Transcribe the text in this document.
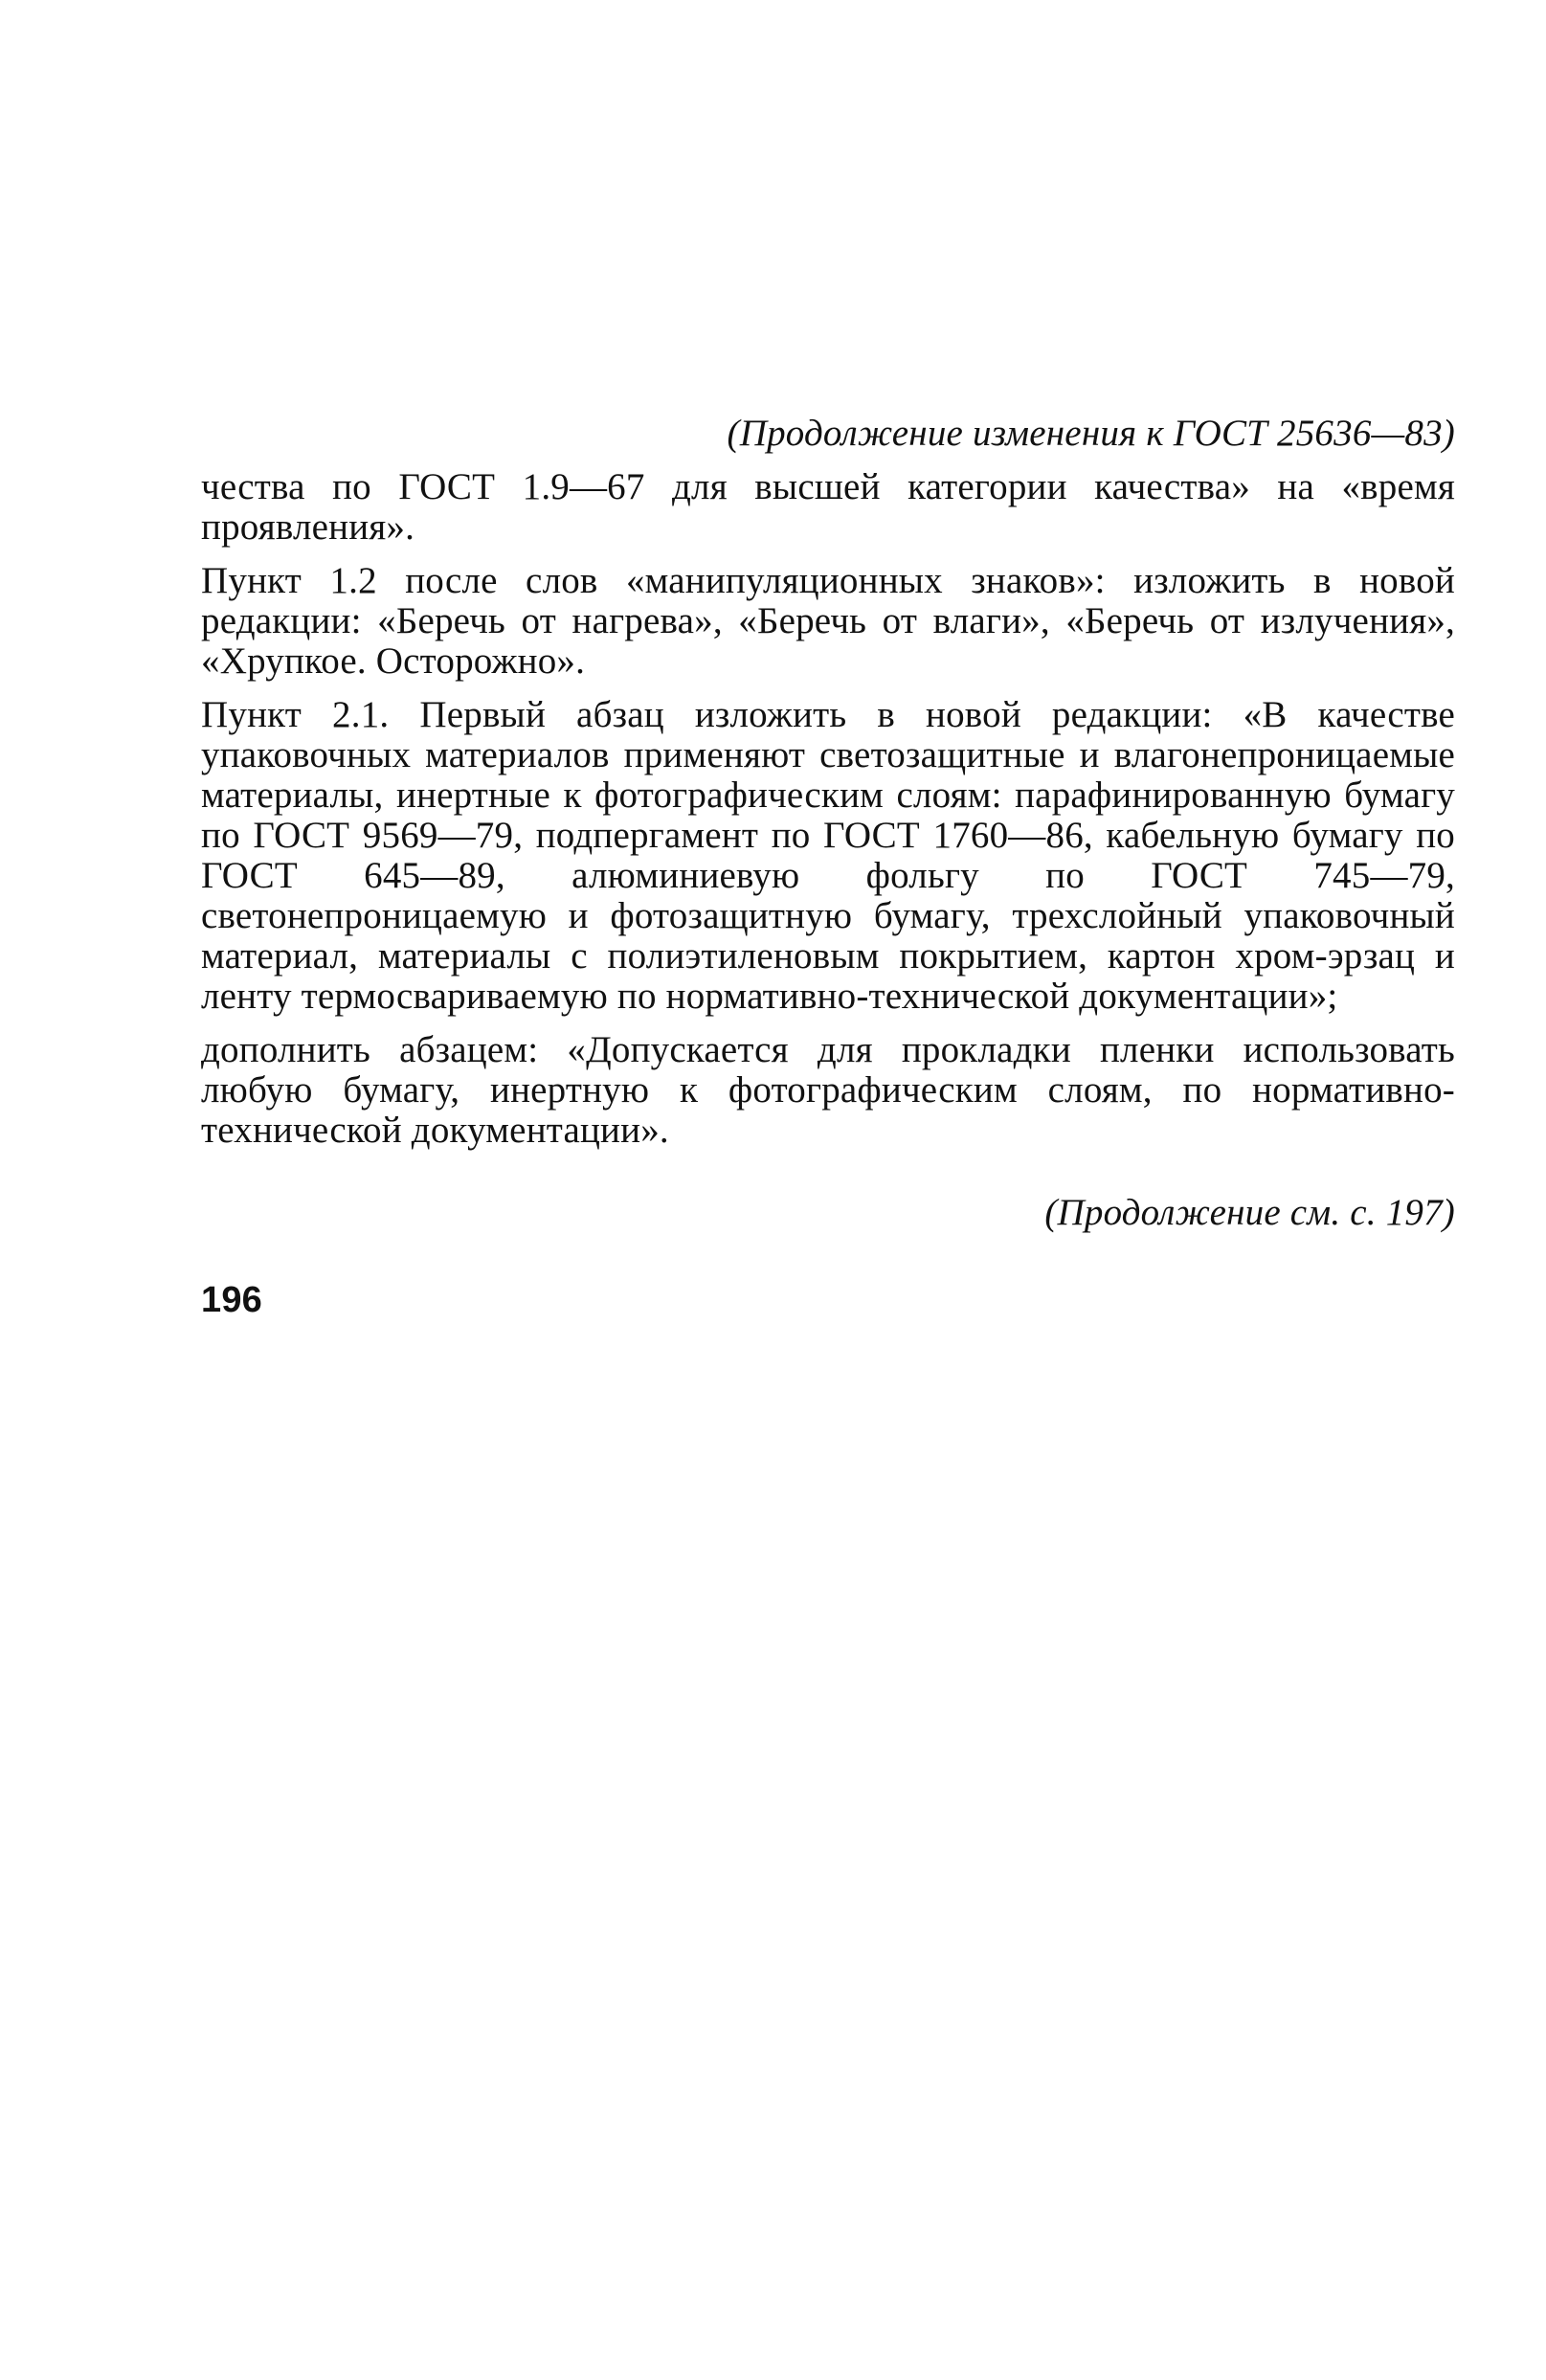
(Продолжение изменения к ГОСТ 25636—83)

чества по ГОСТ 1.9—67 для высшей категории качества» на «время проявления».

Пункт 1.2 после слов «манипуляционных знаков»: изложить в новой редакции: «Беречь от нагрева», «Беречь от влаги», «Беречь от излучения», «Хрупкое. Осторожно».

Пункт 2.1. Первый абзац изложить в новой редакции: «В качестве упаковочных материалов применяют светозащитные и влагонепроницаемые материалы, инертные к фотографическим слоям: парафинированную бумагу по ГОСТ 9569—79, подпергамент по ГОСТ 1760—86, кабельную бумагу по ГОСТ 645—89, алюминиевую фольгу по ГОСТ 745—79, светонепроницаемую и фотозащитную бумагу, трехслойный упаковочный материал, материалы с полиэтиленовым покрытием, картон хром-эрзац и ленту термосвариваемую по нормативно-технической документации»;

дополнить абзацем: «Допускается для прокладки пленки использовать любую бумагу, инертную к фотографическим слоям, по нормативно-технической документации».

(Продолжение см. с. 197)
196
